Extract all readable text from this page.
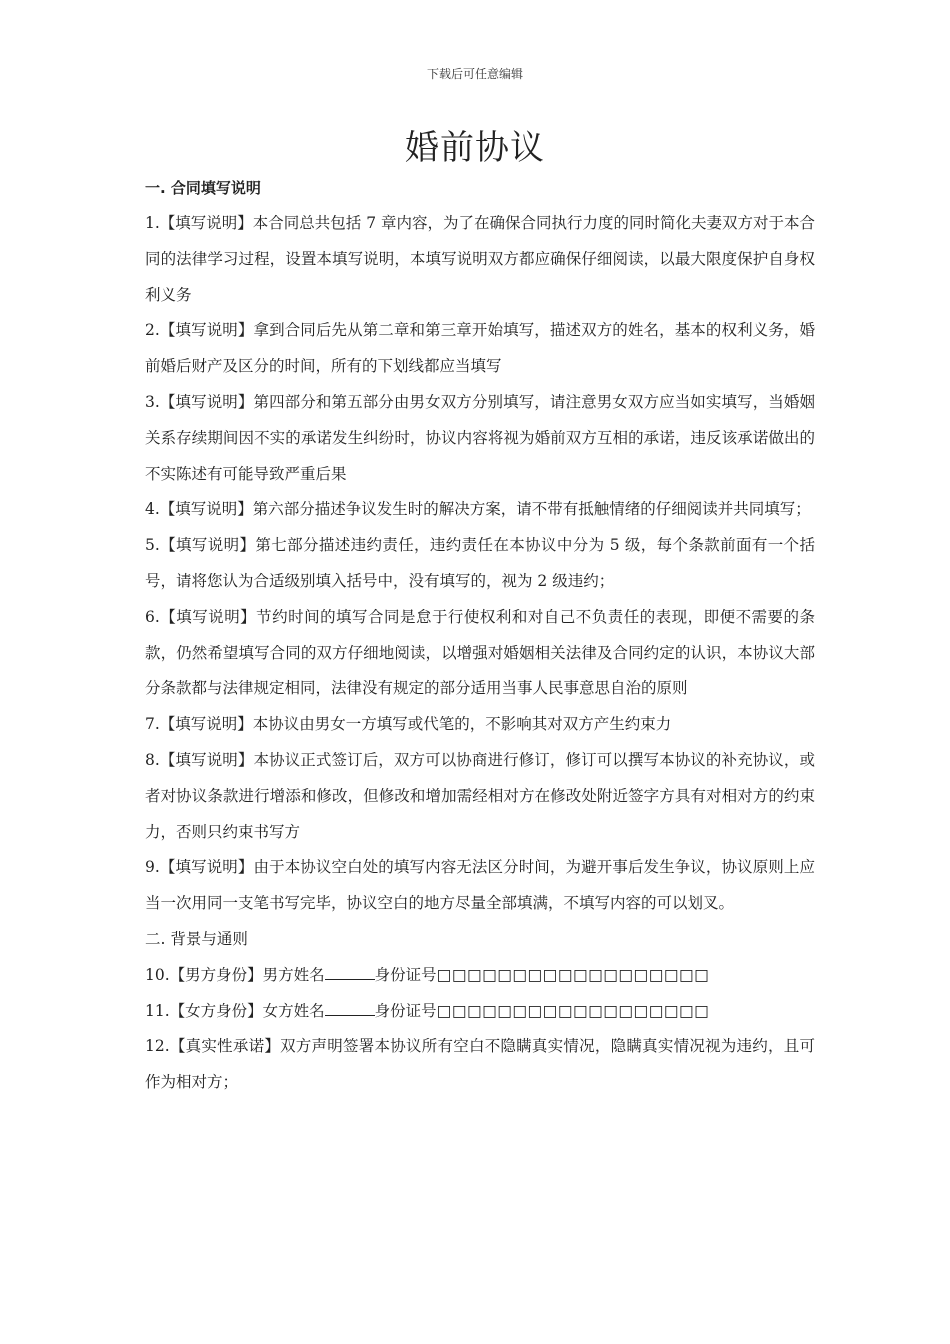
下载后可任意编辑
婚前协议
一. 合同填写说明

1.【填写说明】本合同总共包括 7 章内容，为了在确保合同执行力度的同时简化夫妻双方对于本合同的法律学习过程，设置本填写说明，本填写说明双方都应确保仔细阅读，以最大限度保护自身权利义务

2.【填写说明】拿到合同后先从第二章和第三章开始填写，描述双方的姓名，基本的权利义务，婚前婚后财产及区分的时间，所有的下划线都应当填写

3.【填写说明】第四部分和第五部分由男女双方分别填写，请注意男女双方应当如实填写，当婚姻关系存续期间因不实的承诺发生纠纷时，协议内容将视为婚前双方互相的承诺，违反该承诺做出的不实陈述有可能导致严重后果

4.【填写说明】第六部分描述争议发生时的解决方案，请不带有抵触情绪的仔细阅读并共同填写；

5.【填写说明】第七部分描述违约责任，违约责任在本协议中分为 5 级，每个条款前面有一个括号，请将您认为合适级别填入括号中，没有填写的，视为 2 级违约；

6.【填写说明】节约时间的填写合同是怠于行使权利和对自己不负责任的表现，即便不需要的条款，仍然希望填写合同的双方仔细地阅读，以增强对婚姻相关法律及合同约定的认识，本协议大部分条款都与法律规定相同，法律没有规定的部分适用当事人民事意思自治的原则

7.【填写说明】本协议由男女一方填写或代笔的，不影响其对双方产生约束力

8.【填写说明】本协议正式签订后，双方可以协商进行修订，修订可以撰写本协议的补充协议，或者对协议条款进行增添和修改，但修改和增加需经相对方在修改处附近签字方具有对相对方的约束力，否则只约束书写方

9.【填写说明】由于本协议空白处的填写内容无法区分时间，为避开事后发生争议，协议原则上应当一次用同一支笔书写完毕，协议空白的地方尽量全部填满，不填写内容的可以划叉。

二. 背景与通则

10.【男方身份】男方姓名	身份证号□□□□□□□□□□□□□□□□□□

11.【女方身份】女方姓名	身份证号□□□□□□□□□□□□□□□□□□

12.【真实性承诺】双方声明签署本协议所有空白不隐瞒真实情况，隐瞒真实情况视为违约，且可作为相对方；
